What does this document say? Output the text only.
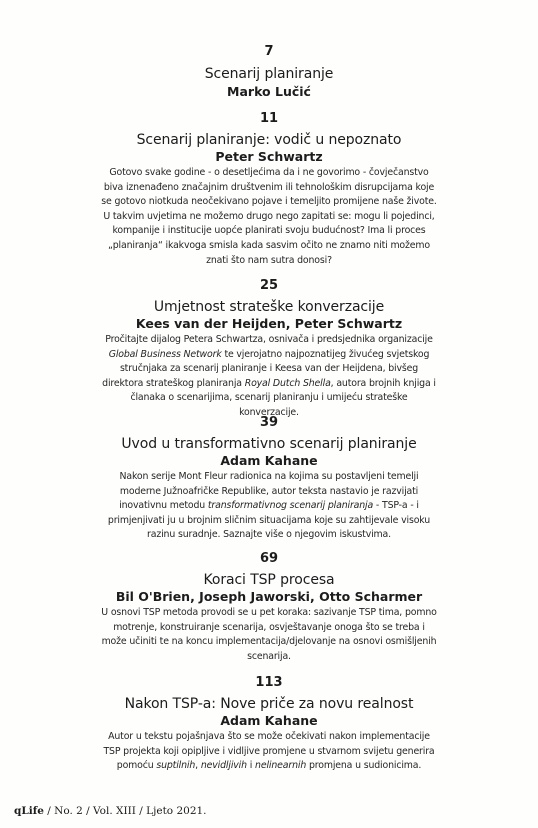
7
Scenarij planiranje
Marko Lučić
11
Scenarij planiranje: vodič u nepoznato
Peter Schwartz
Gotovo svake godine - o desetljećima da i ne govorimo - čovječanstvo biva iznenađeno značajnim društvenim ili tehnološkim disrupcijama koje se gotovo niotkuda neočekivano pojave i temeljito promijene naše živote. U takvim uvjetima ne možemo drugo nego zapitati se: mogu li pojedinci, kompanije i institucije uopće planirati svoju budućnost? Ima li proces „planiranja“ ikakvoga smisla kada sasvim očito ne znamo niti možemo znati što nam sutra donosi?
25
Umjetnost strateške konverzacije
Kees van der Heijden, Peter Schwartz
Pročitajte dijalog Petera Schwartza, osnivača i predsjednika organizacije Global Business Network te vjerojatno najpoznatijeg živućeg svjetskog stručnjaka za scenarij planiranje i Keesa van der Heijdena, bivšeg direktora strateškog planiranja Royal Dutch Shella, autora brojnih knjiga i članaka o scenarijima, scenarij planiranju i umijeću strateške konverzacije.
39
Uvod u transformativno scenarij planiranje
Adam Kahane
Nakon serije Mont Fleur radionica na kojima su postavljeni temelji moderne Južnoafričke Republike, autor teksta nastavio je razvijati inovativnu metodu transformativnog scenarij planiranja - TSP-a - i primjenjivati ju u brojnim sličnim situacijama koje su zahtijevale visoku razinu suradnje. Saznajte više o njegovim iskustvima.
69
Koraci TSP procesa
Bil O'Brien, Joseph Jaworski, Otto Scharmer
U osnovi TSP metoda provodi se u pet koraka: sazivanje TSP tima, pomno motrenje, konstruiranje scenarija, osvještavanje onoga što se treba i može učiniti te na koncu implementacija/djelovanje na osnovi osmišljenih scenarija.
113
Nakon TSP-a: Nove priče za novu realnost
Adam Kahane
Autor u tekstu pojašnjava što se može očekivati nakon implementacije TSP projekta koji opipljive i vidljive promjene u stvarnom svijetu generira pomoću suptilnih, nevidljivih i nelinearnih promjena u sudionicima.
qLife / No. 2 / Vol. XIII / Ljeto 2021.
